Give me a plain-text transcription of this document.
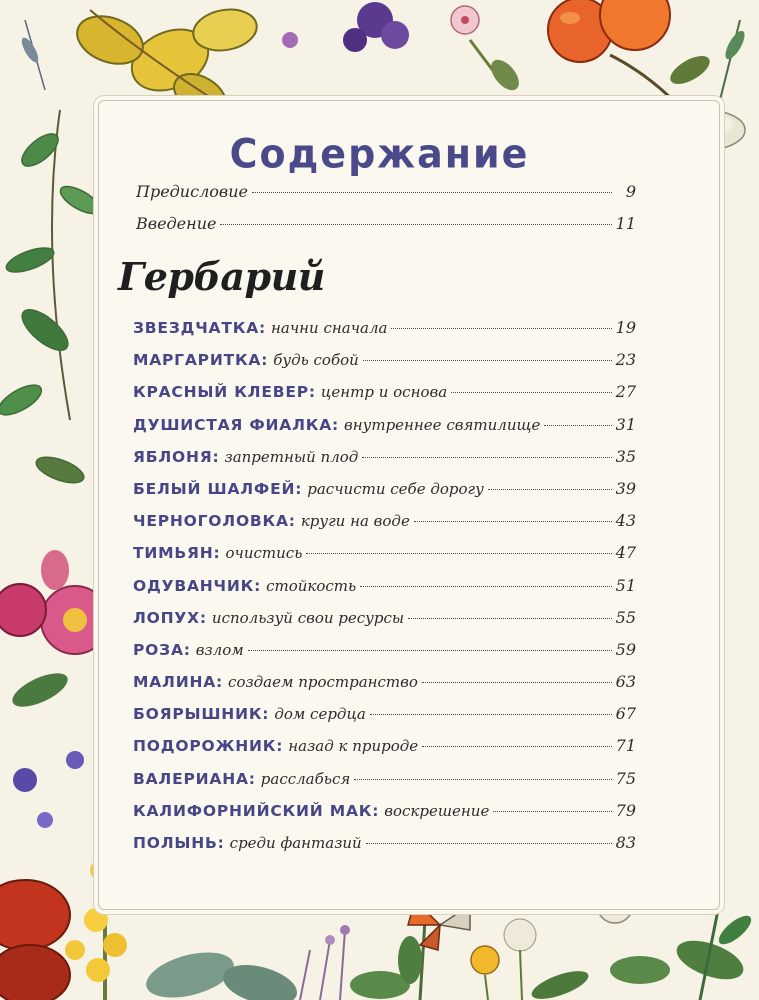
Содержание
Предисловие	9
Введение	11
Гербарий
ЗВЕЗДЧАТКА: начни сначала	19
МАРГАРИТКА: будь собой	23
КРАСНЫЙ КЛЕВЕР: центр и основа	27
ДУШИСТАЯ ФИАЛКА: внутреннее святилище	31
ЯБЛОНЯ: запретный плод	35
БЕЛЫЙ ШАЛФЕЙ: расчисти себе дорогу	39
ЧЕРНОГОЛОВКА: круги на воде	43
ТИМЬЯН: очистись	47
ОДУВАНЧИК: стойкость	51
ЛОПУХ: используй свои ресурсы	55
РОЗА: взлом	59
МАЛИНА: создаем пространство	63
БОЯРЫШНИК: дом сердца	67
ПОДОРОЖНИК: назад к природе	71
ВАЛЕРИАНА: расслабься	75
КАЛИФОРНИЙСКИЙ МАК: воскрешение	79
ПОЛЫНЬ: среди фантазий	83
